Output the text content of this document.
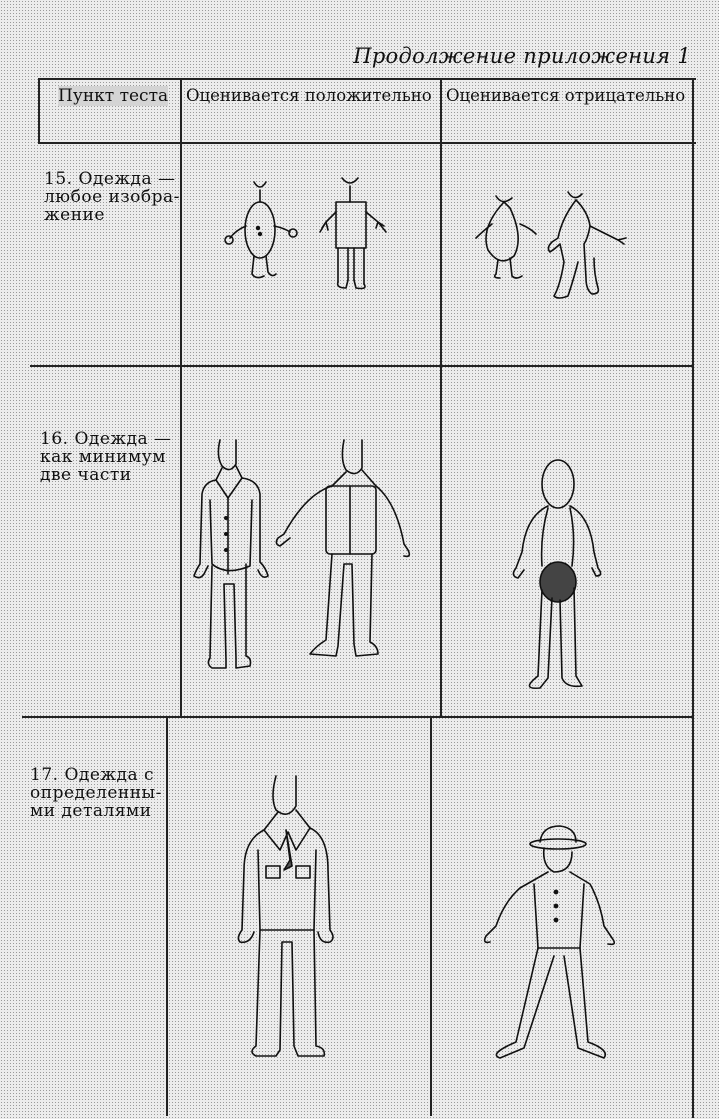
Продолжение приложения 1
Пункт теста Оценивается положительно Оценивается отрицательно
15. Одежда —
любое изобра-
жение
16. Одежда —
как минимум
две части
17. Одежда с
определенны-
ми деталями
